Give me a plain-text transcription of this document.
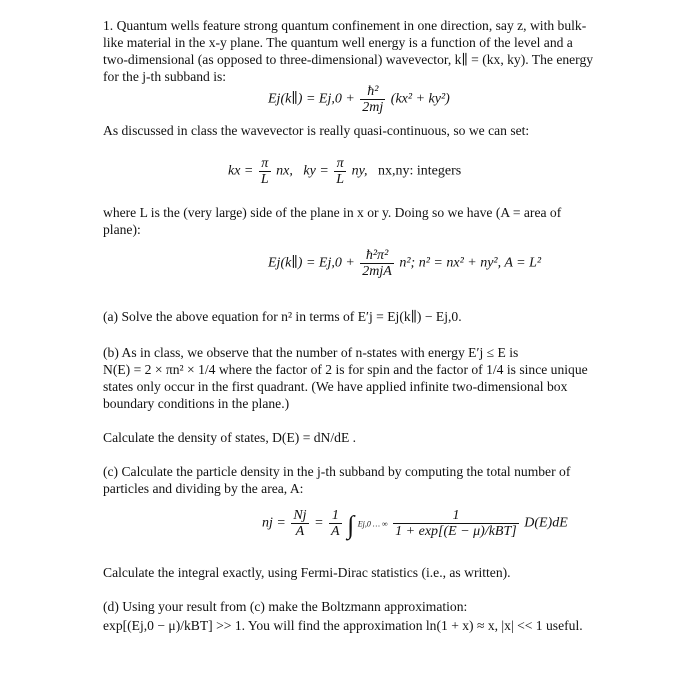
1. Quantum wells feature strong quantum confinement in one direction, say z, with bulk-

like material in the x-y plane. The quantum well energy is a function of the level and a

two-dimensional (as opposed to three-dimensional) wavevector, k∥ = (kx, ky). The energy

for the j-th subband is:

Ej(k∥) = $Ej,0 + \frac{\text{ħ²}}{2mj} (kx^2 + ky^2)$

As discussed in class the wavevector is really quasi-continuous, so we can set:

kx = $\frac{\pi}{L}$ nx, ky = $\frac{\pi}{L}$ ny, nx,ny: integers

where L is the (very large) side of the plane in x or y. Doing so we have (A = area of

plane):

Ej(k∥) = $Ej,0 + \frac{\text{ħ²π²}}{\text{2mjA}} n^2$; n² = nx² + ny², A = L²

(a) Solve the above equation for n² in terms of E′j = Ej(k∥) − Ej,0.

(b) As in class, we observe that the number of n-states with energy E′j ≤ E is

N(E) = 2 × πn² × 1/4 where the factor of 2 is for spin and the factor of 1/4 is since unique

states only occur in the first quadrant. (We have applied infinite two-dimensional box

boundary conditions in the plane.)

Calculate the density of states, D(E) = dN/dE .

(c) Calculate the particle density in the j-th subband by computing the total number of

particles and dividing by the area, A:

nj = $\frac{Nj}{A} = \frac{1}{A}$ ∫ Ej,0 … ∞ $\frac{1}{\text{1 + exp[(E − μ)/kBT]}} D(E)dE$

Calculate the integral exactly, using Fermi-Dirac statistics (i.e., as written).

(d) Using your result from (c) make the Boltzmann approximation:

exp[(Ej,0 − μ)/kBT] >> 1. You will find the approximation ln(1 + x) ≈ x, |x| << 1 useful.
